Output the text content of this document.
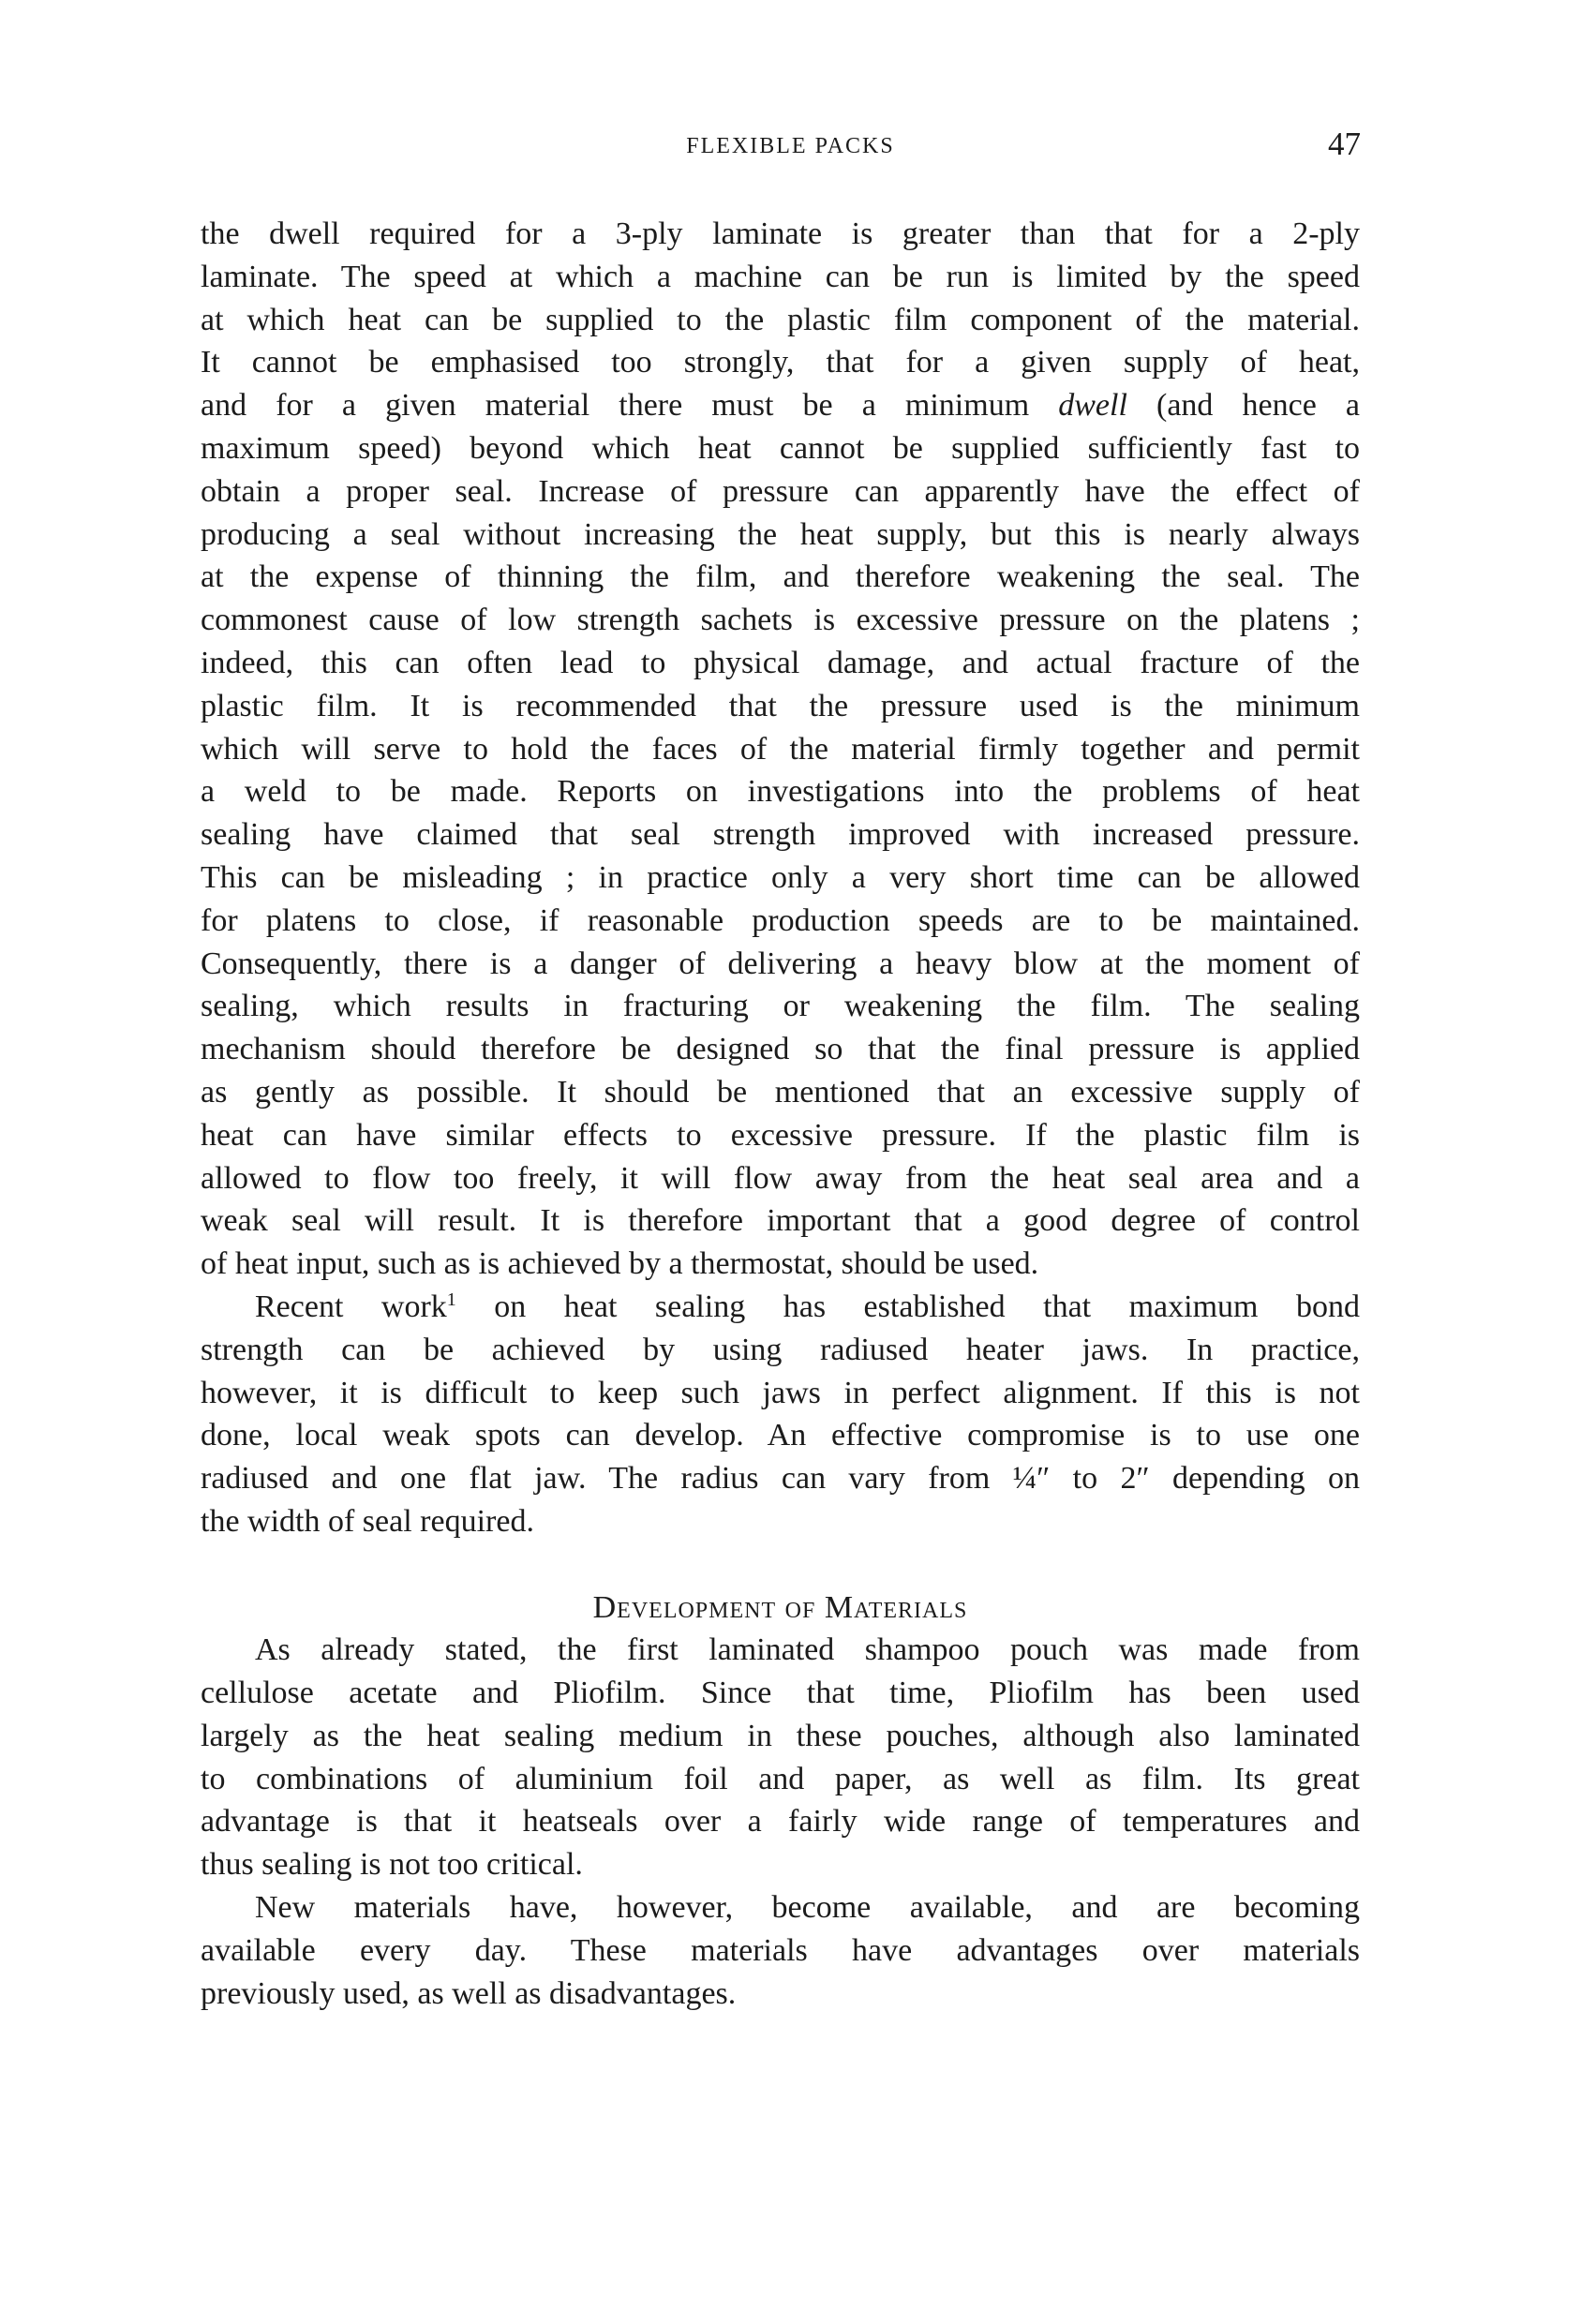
FLEXIBLE PACKS	47
the dwell required for a 3-ply laminate is greater than that for a 2-ply
laminate. The speed at which a machine can be run is limited by the speed
at which heat can be supplied to the plastic film component of the material.
It cannot be emphasised too strongly, that for a given supply of heat,
and for a given material there must be a minimum dwell (and hence a
maximum speed) beyond which heat cannot be supplied sufficiently fast to
obtain a proper seal. Increase of pressure can apparently have the effect of
producing a seal without increasing the heat supply, but this is nearly always
at the expense of thinning the film, and therefore weakening the seal. The
commonest cause of low strength sachets is excessive pressure on the platens ;
indeed, this can often lead to physical damage, and actual fracture of the
plastic film. It is recommended that the pressure used is the minimum
which will serve to hold the faces of the material firmly together and permit
a weld to be made. Reports on investigations into the problems of heat
sealing have claimed that seal strength improved with increased pressure.
This can be misleading ; in practice only a very short time can be allowed
for platens to close, if reasonable production speeds are to be maintained.
Consequently, there is a danger of delivering a heavy blow at the moment of
sealing, which results in fracturing or weakening the film. The sealing
mechanism should therefore be designed so that the final pressure is applied
as gently as possible. It should be mentioned that an excessive supply of
heat can have similar effects to excessive pressure. If the plastic film is
allowed to flow too freely, it will flow away from the heat seal area and a
weak seal will result. It is therefore important that a good degree of control
of heat input, such as is achieved by a thermostat, should be used.
Recent work$^1$ on heat sealing has established that maximum bond
strength can be achieved by using radiused heater jaws. In practice,
however, it is difficult to keep such jaws in perfect alignment. If this is not
done, local weak spots can develop. An effective compromise is to use one
radiused and one flat jaw. The radius can vary from ¼″ to 2″ depending on
the width of seal required.
Development of Materials
As already stated, the first laminated shampoo pouch was made from
cellulose acetate and Pliofilm. Since that time, Pliofilm has been used
largely as the heat sealing medium in these pouches, although also laminated
to combinations of aluminium foil and paper, as well as film. Its great
advantage is that it heatseals over a fairly wide range of temperatures and
thus sealing is not too critical.
New materials have, however, become available, and are becoming
available every day. These materials have advantages over materials
previously used, as well as disadvantages.
